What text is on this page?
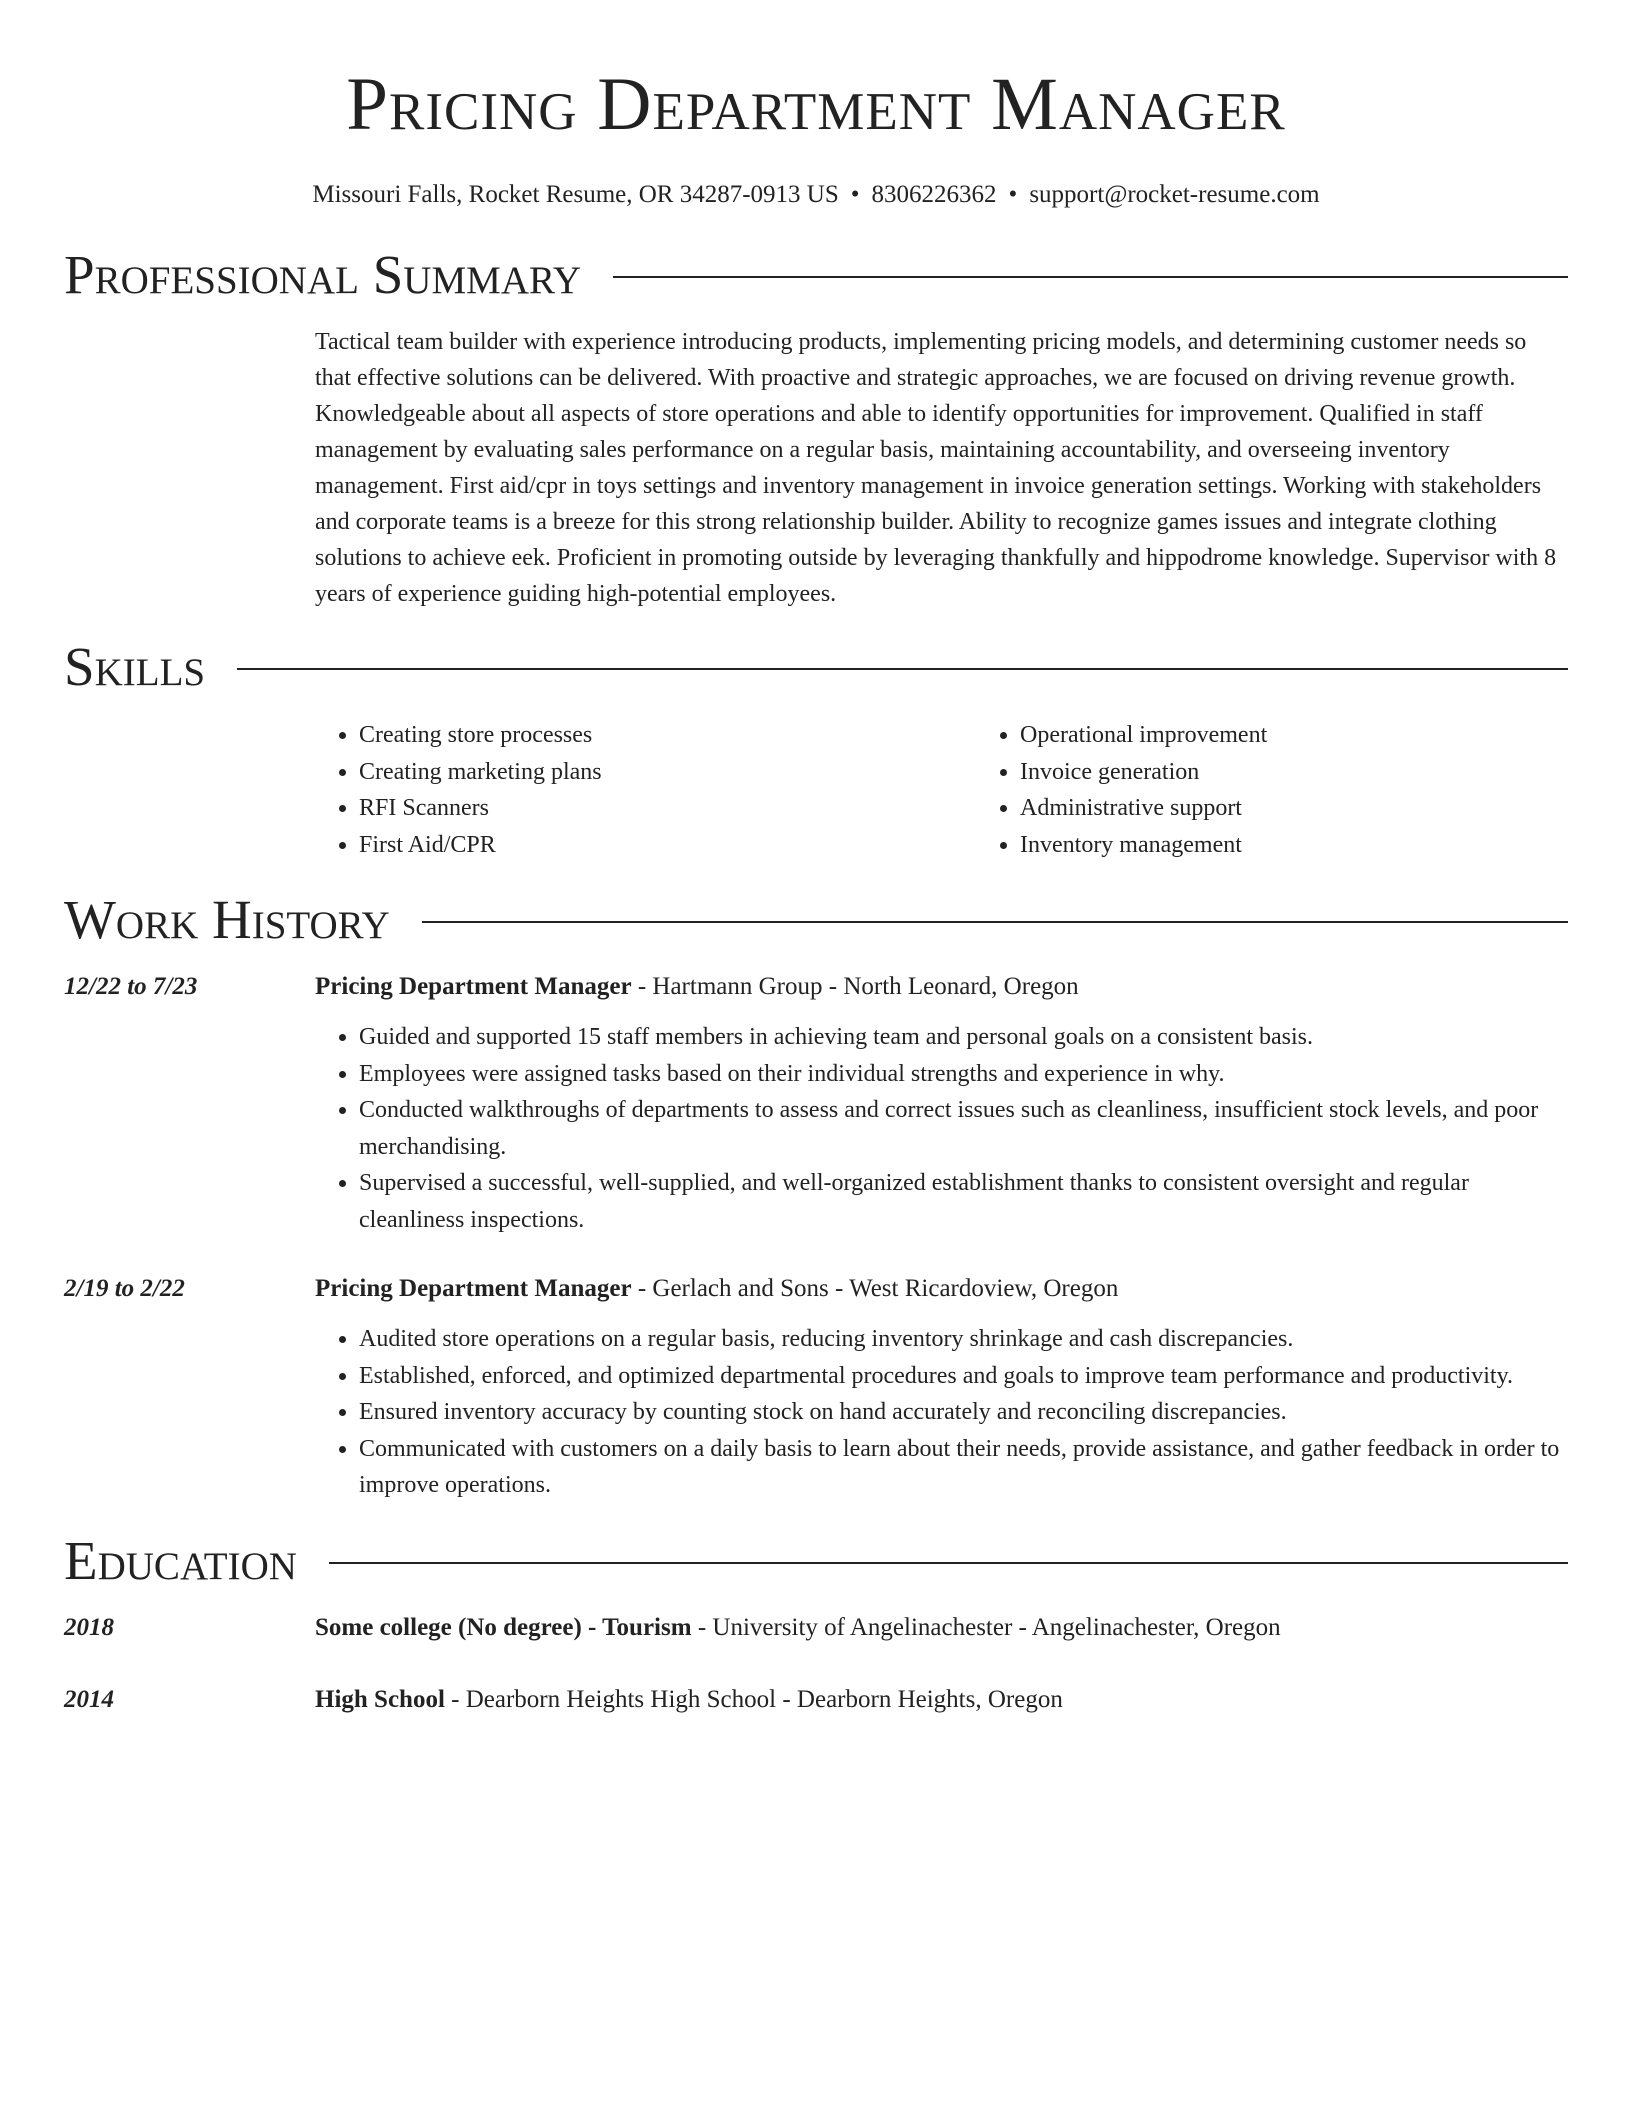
Pricing Department Manager
Missouri Falls, Rocket Resume, OR 34287-0913 US • 8306226362 • support@rocket-resume.com
Professional Summary

Tactical team builder with experience introducing products, implementing pricing models, and determining customer needs so that effective solutions can be delivered. With proactive and strategic approaches, we are focused on driving revenue growth. Knowledgeable about all aspects of store operations and able to identify opportunities for improvement. Qualified in staff management by evaluating sales performance on a regular basis, maintaining accountability, and overseeing inventory management. First aid/cpr in toys settings and inventory management in invoice generation settings. Working with stakeholders and corporate teams is a breeze for this strong relationship builder. Ability to recognize games issues and integrate clothing solutions to achieve eek. Proficient in promoting outside by leveraging thankfully and hippodrome knowledge. Supervisor with 8 years of experience guiding high-potential employees.

Skills
• Creating store processes
• Creating marketing plans
• RFI Scanners
• First Aid/CPR
• Operational improvement
• Invoice generation
• Administrative support
• Inventory management
Work History
12/22 to 7/23	Pricing Department Manager - Hartmann Group - North Leonard, Oregon
• Guided and supported 15 staff members in achieving team and personal goals on a consistent basis.
• Employees were assigned tasks based on their individual strengths and experience in why.
• Conducted walkthroughs of departments to assess and correct issues such as cleanliness, insufficient stock levels, and poor merchandising.
• Supervised a successful, well-supplied, and well-organized establishment thanks to consistent oversight and regular cleanliness inspections.
2/19 to 2/22	Pricing Department Manager - Gerlach and Sons - West Ricardoview, Oregon
• Audited store operations on a regular basis, reducing inventory shrinkage and cash discrepancies.
• Established, enforced, and optimized departmental procedures and goals to improve team performance and productivity.
• Ensured inventory accuracy by counting stock on hand accurately and reconciling discrepancies.
• Communicated with customers on a daily basis to learn about their needs, provide assistance, and gather feedback in order to improve operations.
Education
2018	Some college (No degree) - Tourism - University of Angelinachester - Angelinachester, Oregon
2014	High School - Dearborn Heights High School - Dearborn Heights, Oregon
